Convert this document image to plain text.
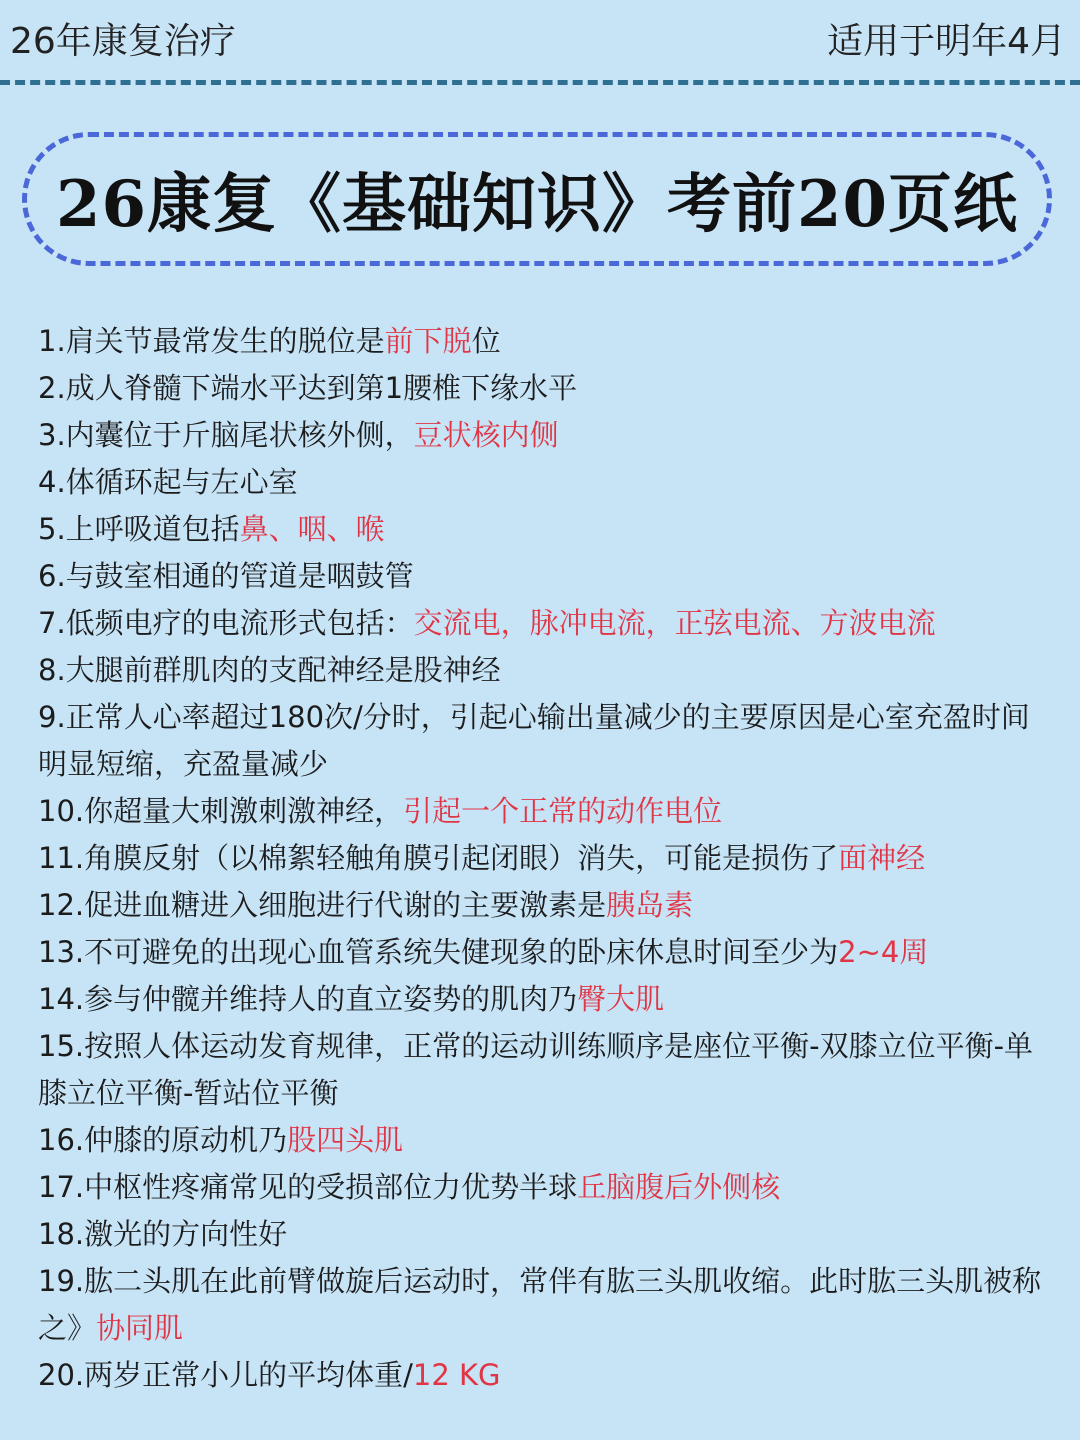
26年康复治疗	适用于明年4月
26康复《基础知识》考前20页纸
1.肩关节最常发生的脱位是前下脱位
2.成人脊髓下端水平达到第1腰椎下缘水平
3.内囊位于斤脑尾状核外侧，豆状核内侧
4.体循环起与左心室
5.上呼吸道包括鼻、咽、喉
6.与鼓室相通的管道是咽鼓管
7.低频电疗的电流形式包括：交流电，脉冲电流，正弦电流、方波电流
8.大腿前群肌肉的支配神经是股神经
9.正常人心率超过180次/分时，引起心输出量减少的主要原因是心室充盈时间明显短缩，充盈量减少
10.你超量大刺激刺激神经，引起一个正常的动作电位
11.角膜反射（以棉絮轻触角膜引起闭眼）消失，可能是损伤了面神经
12.促进血糖进入细胞进行代谢的主要激素是胰岛素
13.不可避免的出现心血管系统失健现象的卧床休息时间至少为2~4周
14.参与仲髋并维持人的直立姿势的肌肉乃臀大肌
15.按照人体运动发育规律，正常的运动训练顺序是座位平衡-双膝立位平衡-单膝立位平衡-暂站位平衡
16.仲膝的原动机乃股四头肌
17.中枢性疼痛常见的受损部位力优势半球丘脑腹后外侧核
18.激光的方向性好
19.肱二头肌在此前臂做旋后运动时，常伴有肱三头肌收缩。此时肱三头肌被称之》协同肌
20.两岁正常小儿的平均体重/12 KG
